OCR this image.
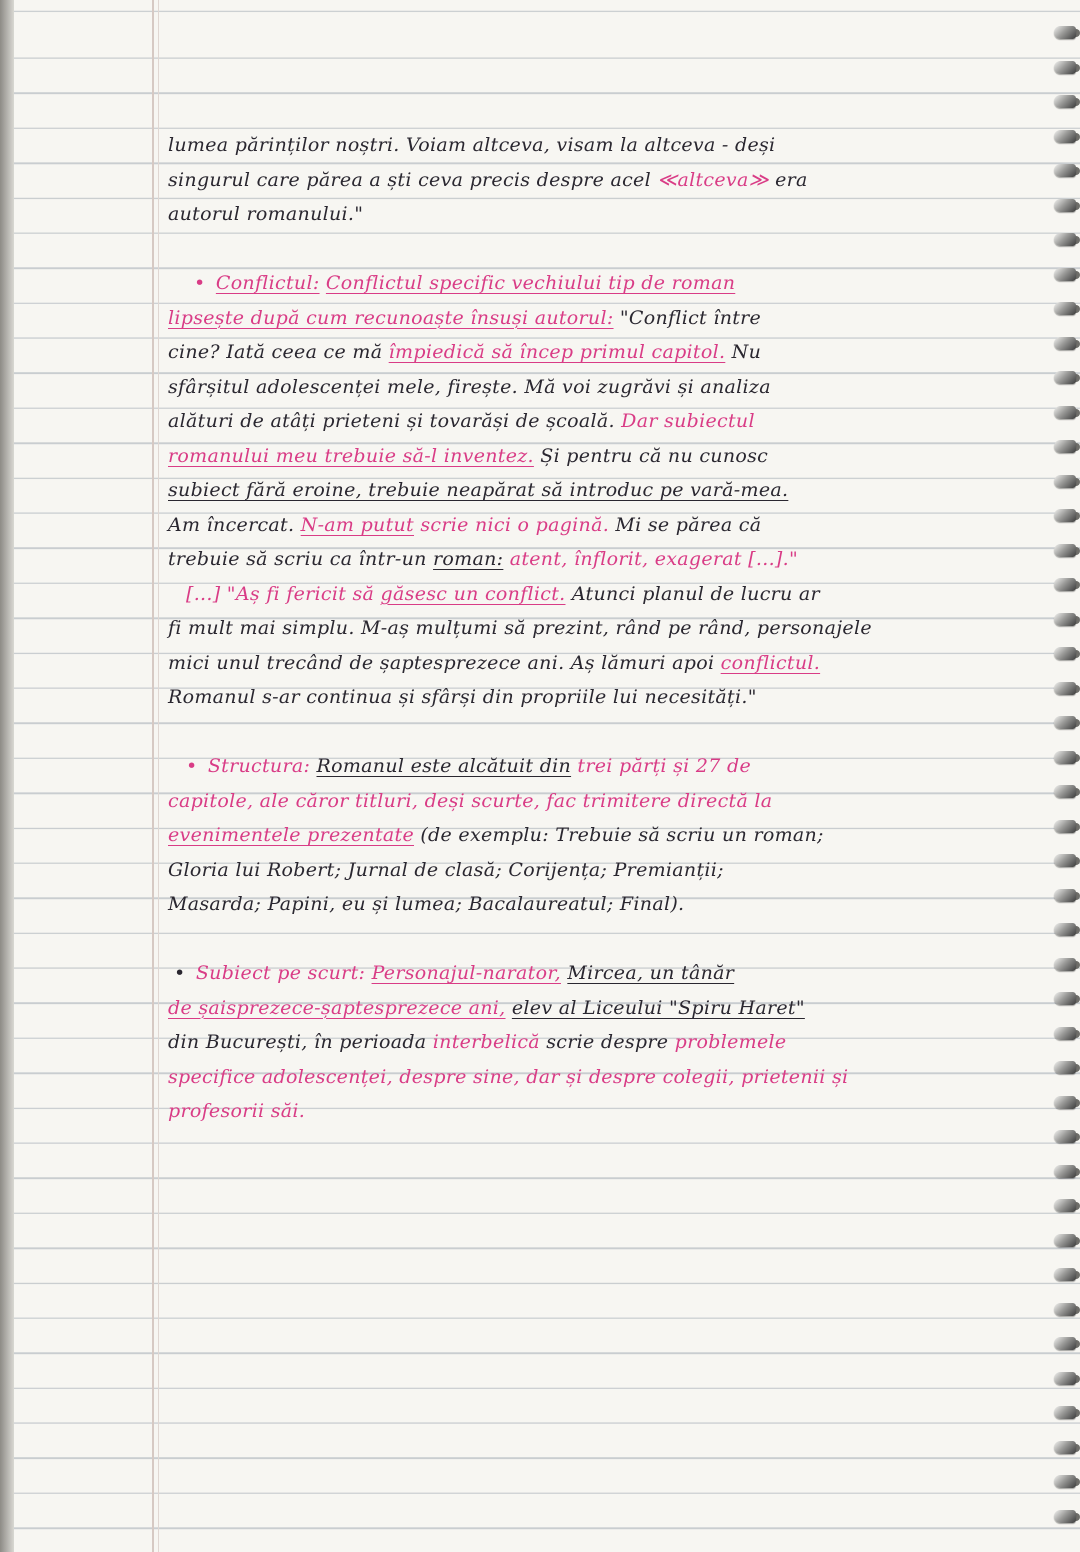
lumea părinților noștri. Voiam altceva, visam la altceva - deși
singurul care părea a ști ceva precis despre acel ≪altceva≫ era
autorul romanului."
• Conflictul: Conflictul specific vechiului tip de roman
lipsește după cum recunoaște însuși autorul: "Conflict între
cine? Iată ceea ce mă împiedică să încep primul capitol. Nu
sfârșitul adolescenței mele, firește. Mă voi zugrăvi și analiza
alături de atâți prieteni și tovarăși de școală. Dar subiectul
romanului meu trebuie să-l inventez. Și pentru că nu cunosc
subiect fără eroine, trebuie neapărat să introduc pe vară-mea.
Am încercat. N-am putut scrie nici o pagină. Mi se părea că
trebuie să scriu ca într-un roman: atent, înflorit, exagerat [...]."
[...] "Aș fi fericit să găsesc un conflict. Atunci planul de lucru ar
fi mult mai simplu. M-aș mulțumi să prezint, rând pe rând, personajele
mici unul trecând de șaptesprezece ani. Aș lămuri apoi conflictul.
Romanul s-ar continua și sfârși din propriile lui necesități."
• Structura: Romanul este alcătuit din trei părți și 27 de
capitole, ale căror titluri, deși scurte, fac trimitere directă la
evenimentele prezentate (de exemplu: Trebuie să scriu un roman;
Gloria lui Robert; Jurnal de clasă; Corijența; Premianții;
Masarda; Papini, eu și lumea; Bacalaureatul; Final).
• Subiect pe scurt: Personajul-narator, Mircea, un tânăr
de șaisprezece-șaptesprezece ani, elev al Liceului "Spiru Haret"
din București, în perioada interbelică scrie despre problemele
specifice adolescenței, despre sine, dar și despre colegii, prietenii și
profesorii săi.
